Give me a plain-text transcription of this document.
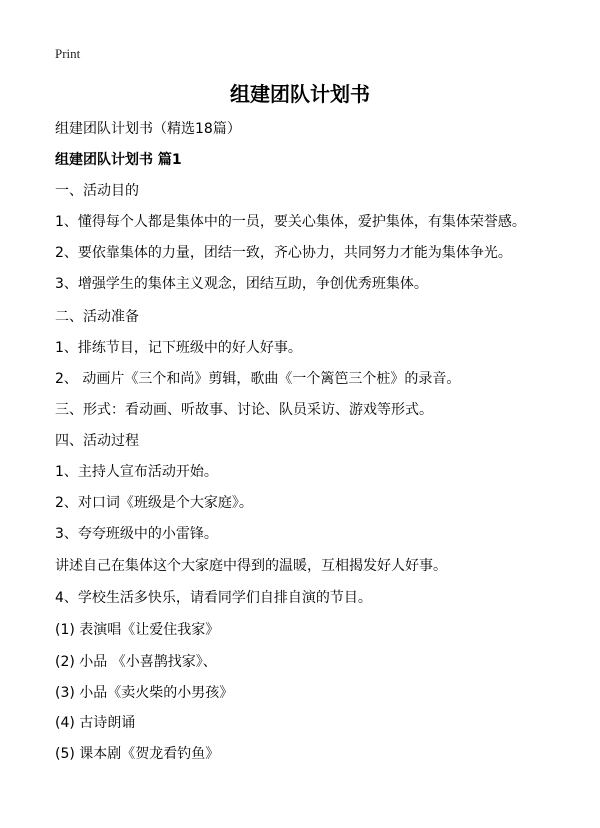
Print
组建团队计划书
组建团队计划书（精选18篇）
组建团队计划书 篇1
一、活动目的
1、懂得每个人都是集体中的一员，要关心集体，爱护集体，有集体荣誉感。
2、要依靠集体的力量，团结一致，齐心协力，共同努力才能为集体争光。
3、增强学生的集体主义观念，团结互助，争创优秀班集体。
二、活动准备
1、排练节目，记下班级中的好人好事。
2、 动画片《三个和尚》剪辑，歌曲《一个篱笆三个桩》的录音。
三、形式：看动画、听故事、讨论、队员采访、游戏等形式。
四、活动过程
1、主持人宣布活动开始。
2、对口词《班级是个大家庭》。
3、夸夸班级中的小雷锋。
讲述自己在集体这个大家庭中得到的温暖，互相揭发好人好事。
4、学校生活多快乐，请看同学们自排自演的节目。
(1) 表演唱《让爱住我家》
(2) 小品 《小喜鹊找家》、
(3) 小品《卖火柴的小男孩》
(4) 古诗朗诵
(5) 课本剧《贺龙看钓鱼》
